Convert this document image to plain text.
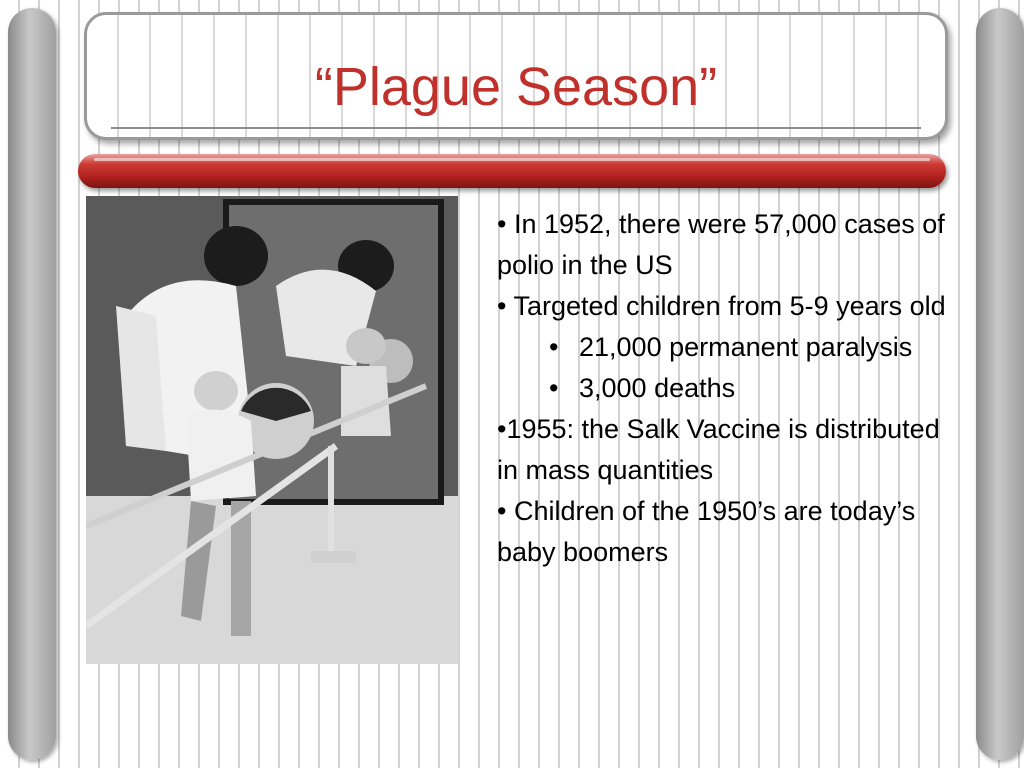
“Plague Season”

• In 1952, there were 57,000 cases of polio in the US

• Targeted children from 5-9 years old

• 21,000 permanent paralysis

• 3,000 deaths

•1955: the Salk Vaccine is distributed in mass quantities

• Children of the 1950’s are today’s baby boomers
